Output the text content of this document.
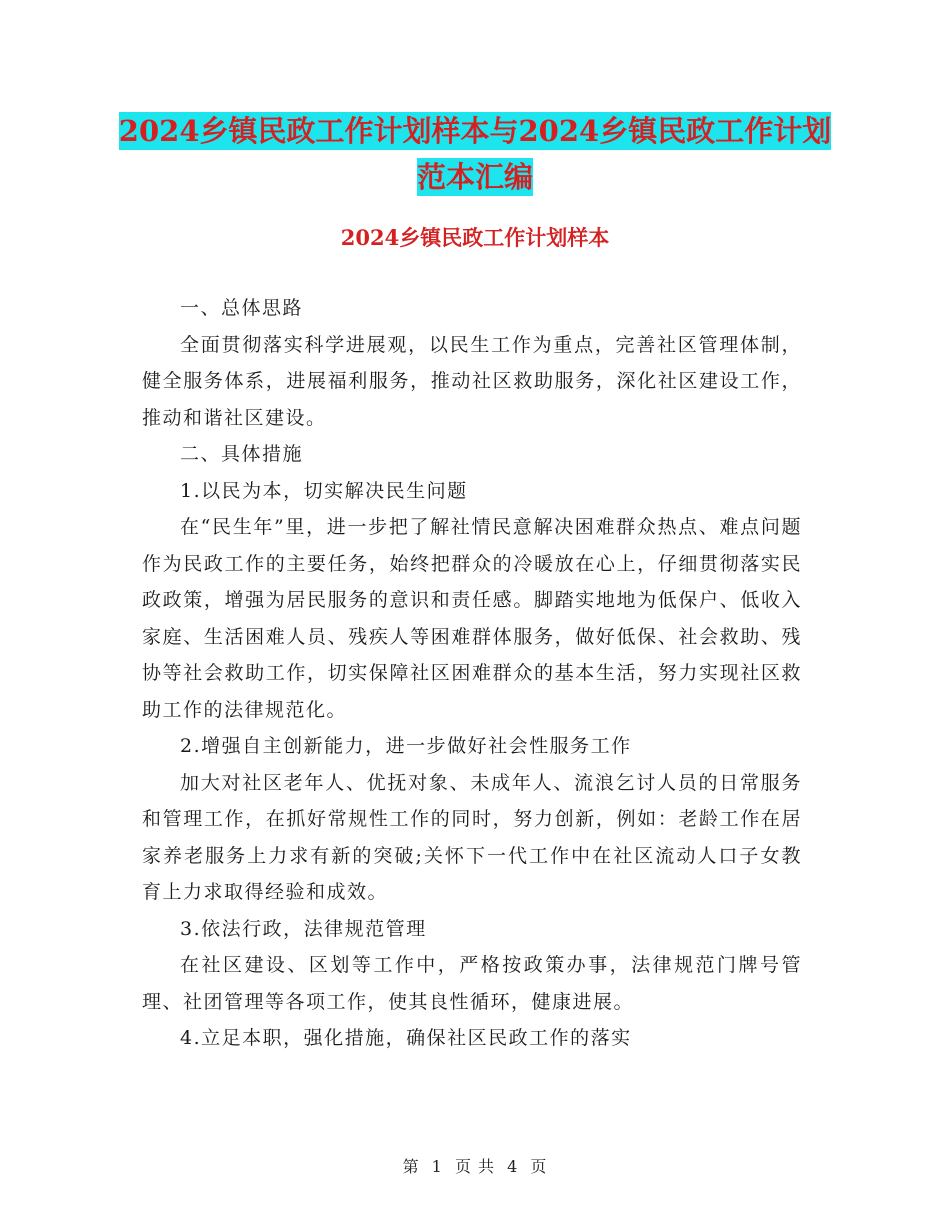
2024乡镇民政工作计划样本与2024乡镇民政工作计划
范本汇编
2024乡镇民政工作计划样本

一、总体思路

全面贯彻落实科学进展观，以民生工作为重点，完善社区管理体制，健全服务体系，进展福利服务，推动社区救助服务，深化社区建设工作，推动和谐社区建设。

二、具体措施

1.以民为本，切实解决民生问题

在“民生年”里，进一步把了解社情民意解决困难群众热点、难点问题作为民政工作的主要任务，始终把群众的冷暖放在心上，仔细贯彻落实民政政策，增强为居民服务的意识和责任感。脚踏实地地为低保户、低收入家庭、生活困难人员、残疾人等困难群体服务，做好低保、社会救助、残协等社会救助工作，切实保障社区困难群众的基本生活，努力实现社区救助工作的法律规范化。

2.增强自主创新能力，进一步做好社会性服务工作

加大对社区老年人、优抚对象、未成年人、流浪乞讨人员的日常服务和管理工作，在抓好常规性工作的同时，努力创新，例如：老龄工作在居家养老服务上力求有新的突破;关怀下一代工作中在社区流动人口子女教育上力求取得经验和成效。

3.依法行政，法律规范管理

在社区建设、区划等工作中，严格按政策办事，法律规范门牌号管理、社团管理等各项工作，使其良性循环，健康进展。

4.立足本职，强化措施，确保社区民政工作的落实

第 1 页 共 4 页
